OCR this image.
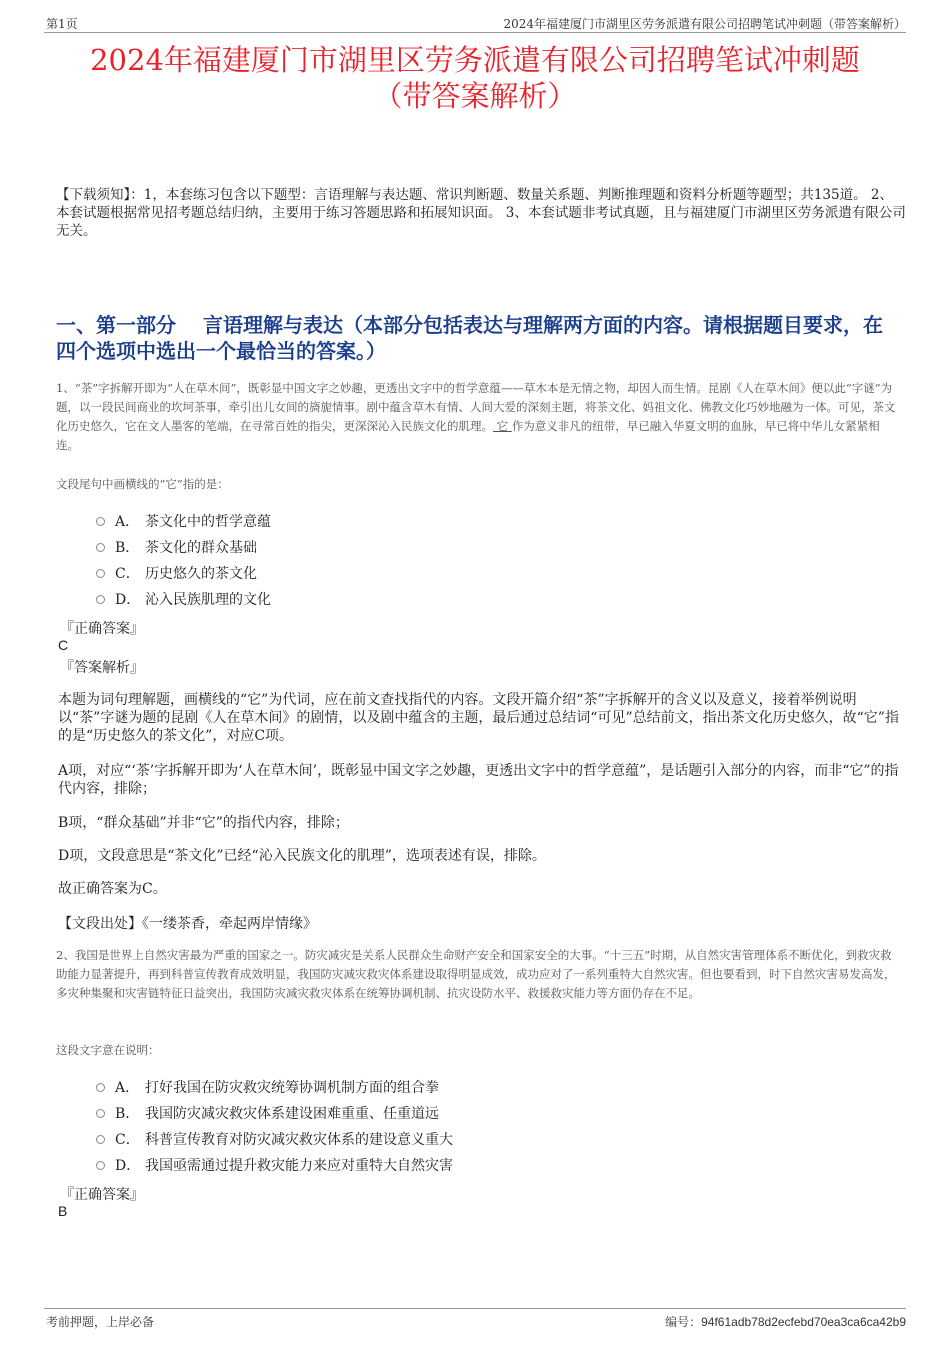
第1页	2024年福建厦门市湖里区劳务派遣有限公司招聘笔试冲刺题（带答案解析）
2024年福建厦门市湖里区劳务派遣有限公司招聘笔试冲刺题
（带答案解析）

【下载须知】：1，本套练习包含以下题型：言语理解与表达题、常识判断题、数量关系题、判断推理题和资料分析题等题型；共135道。 2、本套试题根据常见招考题总结归纳，主要用于练习答题思路和拓展知识面。 3、本套试题非考试真题，且与福建厦门市湖里区劳务派遣有限公司无关。

一、第一部分　 言语理解与表达（本部分包括表达与理解两方面的内容。请根据题目要求，在四个选项中选出一个最恰当的答案。）

1、“茶”字拆解开即为“人在草木间”，既彰显中国文字之妙趣，更透出文字中的哲学意蕴——草木本是无情之物，却因人而生情。昆剧《人在草木间》便以此“字谜”为题，以一段民间商业的坎坷茶事，牵引出儿女间的旖旎情事。剧中蕴含草木有情、人间大爱的深刻主题，将茶文化、妈祖文化、佛教文化巧妙地融为一体。可见，茶文化历史悠久，它在文人墨客的笔端，在寻常百姓的指尖，更深深沁入民族文化的肌理。 它 作为意义非凡的纽带，早已融入华夏文明的血脉，早已将中华儿女紧紧相连。

文段尾句中画横线的“它”指的是：
A． 茶文化中的哲学意蕴
B． 茶文化的群众基础
C． 历史悠久的茶文化
D． 沁入民族肌理的文化
『正确答案』
C
『答案解析』

本题为词句理解题，画横线的“它”为代词，应在前文查找指代的内容。文段开篇介绍“茶”字拆解开的含义以及意义，接着举例说明以“茶”字谜为题的昆剧《人在草木间》的剧情，以及剧中蕴含的主题，最后通过总结词“可见”总结前文，指出茶文化历史悠久，故“它”指的是“历史悠久的茶文化”，对应C项。

A项，对应“‘茶’字拆解开即为‘人在草木间’，既彰显中国文字之妙趣，更透出文字中的哲学意蕴”，是话题引入部分的内容，而非“它”的指代内容，排除；

B项，“群众基础”并非“它”的指代内容，排除；

D项，文段意思是“茶文化”已经“沁入民族文化的肌理”，选项表述有误，排除。

故正确答案为C。

【文段出处】《一缕茶香，牵起两岸情缘》

2、我国是世界上自然灾害最为严重的国家之一。防灾减灾是关系人民群众生命财产安全和国家安全的大事。“十三五”时期，从自然灾害管理体系不断优化，到救灾救助能力显著提升，再到科普宣传教育成效明显，我国防灾减灾救灾体系建设取得明显成效，成功应对了一系列重特大自然灾害。但也要看到，时下自然灾害易发高发，多灾种集聚和灾害链特征日益突出，我国防灾减灾救灾体系在统筹协调机制、抗灾设防水平、救援救灾能力等方面仍存在不足。

这段文字意在说明：
A． 打好我国在防灾救灾统筹协调机制方面的组合拳
B． 我国防灾减灾救灾体系建设困难重重、任重道远
C． 科普宣传教育对防灾减灾救灾体系的建设意义重大
D． 我国亟需通过提升救灾能力来应对重特大自然灾害
『正确答案』
B
考前押题，上岸必备	编号：94f61adb78d2ecfebd70ea3ca6ca42b9
